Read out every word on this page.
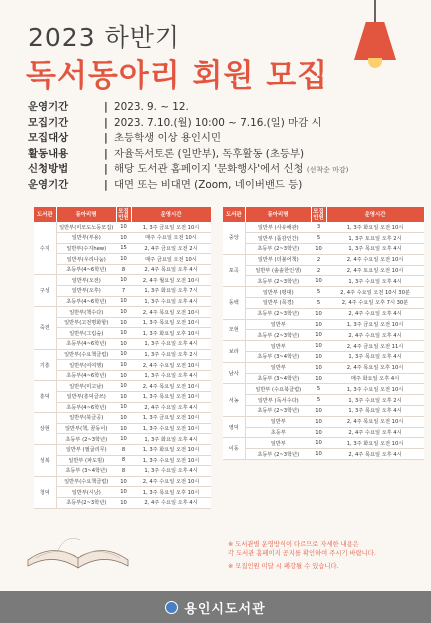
2023 하반기
독서동아리 회원 모집
운영기간	| 2023. 9. ~ 12.
모집기간	| 2023. 7.10.(월) 10:00 ~ 7.16.(일) 마감 시
모집대상	| 초등학생 이상 용인시민
활동내용	| 자율독서토론 (일반부), 독후활동 (초등부)
신청방법	| 해당 도서관 홈페이지 '문화행사'에서 신청 (선착순 마감)
운영기간	| 대면 또는 비대면 (Zoom, 네이버밴드 등)
도서관	동아리명	모집인원	운영시간
수지	일반부(미모도노동모집)	10	1, 3주 금요일 오전 10시
	일반부(부용)	10	매주 수요일 오전 10시
	일반부(수지hew)	15	2, 4주 금요일 오전 2시
	일반부(우리나눔)	10	매주 금요일 오전 10시
	초등부(4~6학년)	8	2, 4주 목요일 오후 4시
구성	일반부(오전)	10	2, 4주 월요일 오전 10시
	일반부(오후)	7	1, 3주 화요일 오후 7시
	초등부(4~6학년)	10	1, 3주 수요일 오후 4시
죽전	일반부(책수다)	10	2, 4주 목요일 오전 10시
	일반부(고전명화항)	10	1, 3주 목요일 오전 10시
	일반부(그림숲)	10	1, 3주 화요일 오후 10시
	초등부(4~6학년)	10	1, 3주 수요일 오후 4시
기흥	일반부(수요책클럽)	10	1, 3주 수요일 오후 2시
	일반부(여여행)	10	2, 4주 수요일 오전 10시
	초등부(4~6학년)	10	1, 3주 수요일 오후 4시
흥덕	일반부(미고남)	10	2, 4주 목요일 오전 10시
	일반부(흥덕글쓰)	10	1, 3주 목요일 오전 10시
	초등부(4~6학년)	10	2, 4주 수요일 오후 4시
상현	일반부(북글공)	10	1, 3주 금요일 오전 10시
	일반부(책, 꿈동이)	10	1, 3주 수요일 오전 10시
	초등부 (2~3학년)	10	1, 3주 화요일 오후 4시
성복	일반부 (필굽리무)	8	1, 3주 화요일 오전 10시
	일반부 (파도빔)	8	1, 3주 수요일 오전 10시
	초등부 (3~4학년)	8	1, 3주 수요일 오후 4시
청덕	일반부(수요책클럽)	10	2, 4주 수요일 오전 10시
	일반부(시낭)	10	1, 3주 목요일 오후 10시
	초등부(2~3학년)	10	2, 4주 수요일 오후 4시
도서관	동아리명	모집인원	운영시간
중앙	일반부 (사유해관)	3	1, 3주 화요일 오전 10시
	일반부 (품감인간)	5	1, 3주 토요일 오후 2시
	초등부 (2~3학년)	10	1, 3주 목요일 오후 4시
포곡	일반부 (더불어책)	2	2, 4주 수요일 오전 10시
	일반부 (솔솔한인생)	2	2, 4주 토요일 오전 10시
	초등부 (2~3학년)	10	1, 3주 수요일 오후 4시
동백	일반부 (평대)	5	2, 4주 수요일 오전 10시 30분
	일반부 (목경)	5	2, 4주 수요일 오후 7시 30분
	초등부 (2~3학년)	10	2, 4주 수요일 오후 4시
모현	일반부	10	1, 3주 금요일 오전 10시
	초등부 (2~3학년)	10	2, 4주 수요일 오후 4시
보라	일반부	10	2, 4주 금요일 오전 11시
	초등부 (3~4학년)	10	1, 3주 목요일 오후 4시
남사	일반부	10	2, 4주 목요일 오후 10시
	초등부 (3~4학년)	10	매주 화요일 오후 4시
서농	일반부 (수요북클럽)	5	1, 3주 수요일 오전 10시
	일반부 (독서수다)	5	1, 3주 수요일 오후 2시
	초등부 (2~3학년)	10	1, 3주 목요일 오후 4시
영덕	일반부	10	2, 4주 목요일 오전 10시
	초등부	10	2, 4주 수요일 오후 4시
이동	일반부	10	1, 3주 화요일 오전 10시
	초등부 (2~3학년)	10	2, 4주 목요일 오후 4시
※ 도서관별 운영방식이 다르므로 자세한 내용은
각 도서관 홈페이지 공지를 확인하여 주시기 바랍니다.
※ 모집인원 미달 시 폐강될 수 있습니다.
용인시도서관
